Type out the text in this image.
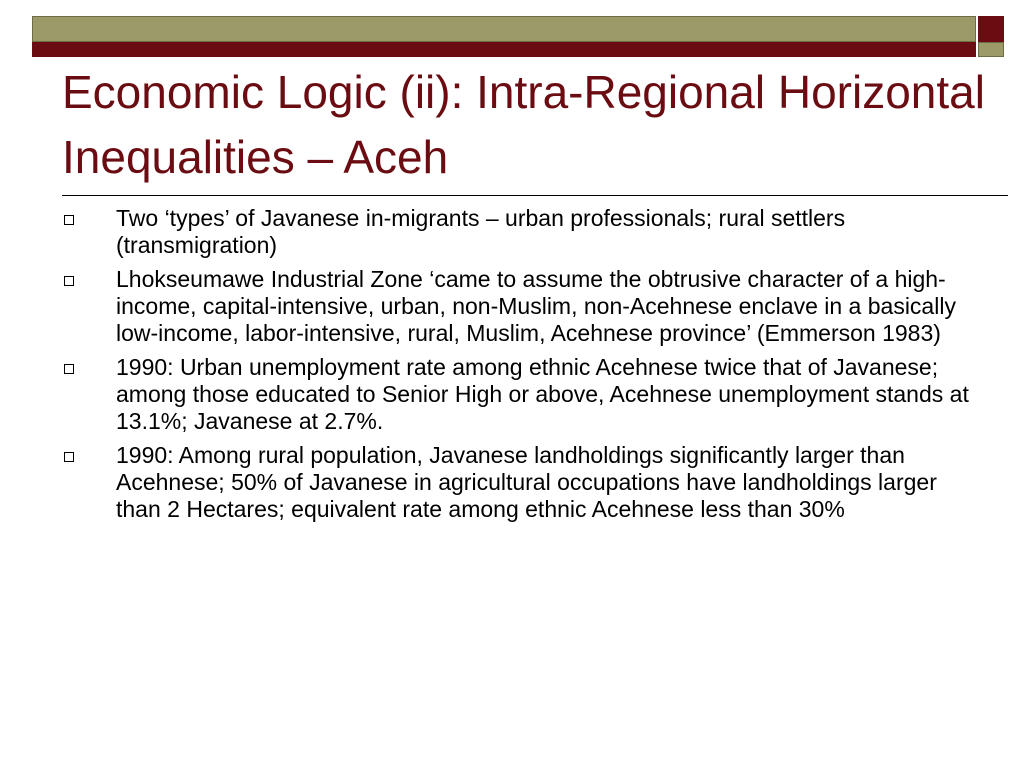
Economic Logic (ii): Intra-Regional Horizontal Inequalities – Aceh
Two ‘types’ of Javanese in-migrants – urban professionals; rural settlers (transmigration)
Lhokseumawe Industrial Zone ‘came to assume the obtrusive character of a high-income, capital-intensive, urban, non-Muslim, non-Acehnese enclave in a basically low-income, labor-intensive, rural, Muslim, Acehnese province’ (Emmerson 1983)
1990: Urban unemployment rate among ethnic Acehnese twice that of Javanese; among those educated to Senior High or above, Acehnese unemployment stands at 13.1%; Javanese at 2.7%.
1990: Among rural population, Javanese landholdings significantly larger than Acehnese; 50% of Javanese in agricultural occupations have landholdings larger than 2 Hectares; equivalent rate among ethnic Acehnese less than 30%
